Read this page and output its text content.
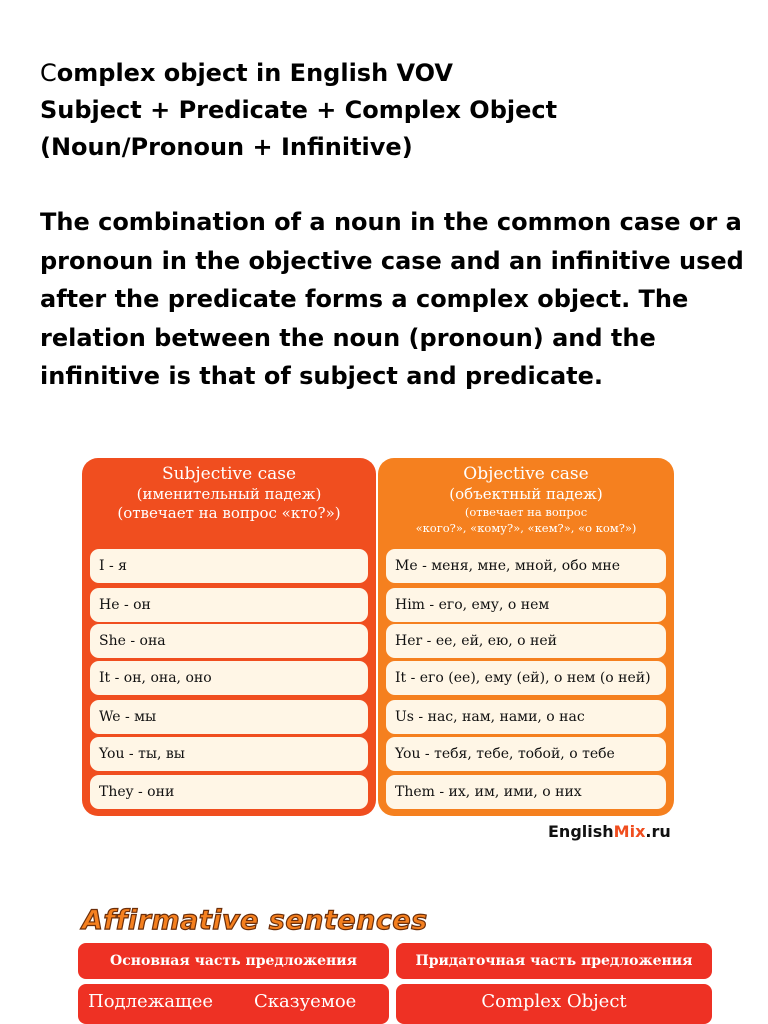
Complex object in English VOV
Subject + Predicate + Complex Object
(Noun/Pronoun + Infinitive)
The combination of a noun in the common case or a
pronoun in the objective case and an infinitive used
after the predicate forms a complex object. The
relation between the noun (pronoun) and the
infinitive is that of subject and predicate.
Subjective case
(именительный падеж)
(отвечает на вопрос «кто?»)
I - я
He - он
She - она
It - он, она, оно
We - мы
You - ты, вы
They - они
Objective case
(объектный падеж)
(отвечает на вопрос
«кого?», «кому?», «кем?», «о ком?»)
Me - меня, мне, мной, обо мне
Him - его, ему, о нем
Her - ее, ей, ею, о ней
It - его (ее), ему (ей), о нем (о ней)
Us - нас, нам, нами, о нас
You - тебя, тебе, тобой, о тебе
Them - их, им, ими, о них
EnglishMix.ru
Affirmative sentences
Основная часть предложения	Придаточная часть предложения
Подлежащее Сказуемое	Complex Object
